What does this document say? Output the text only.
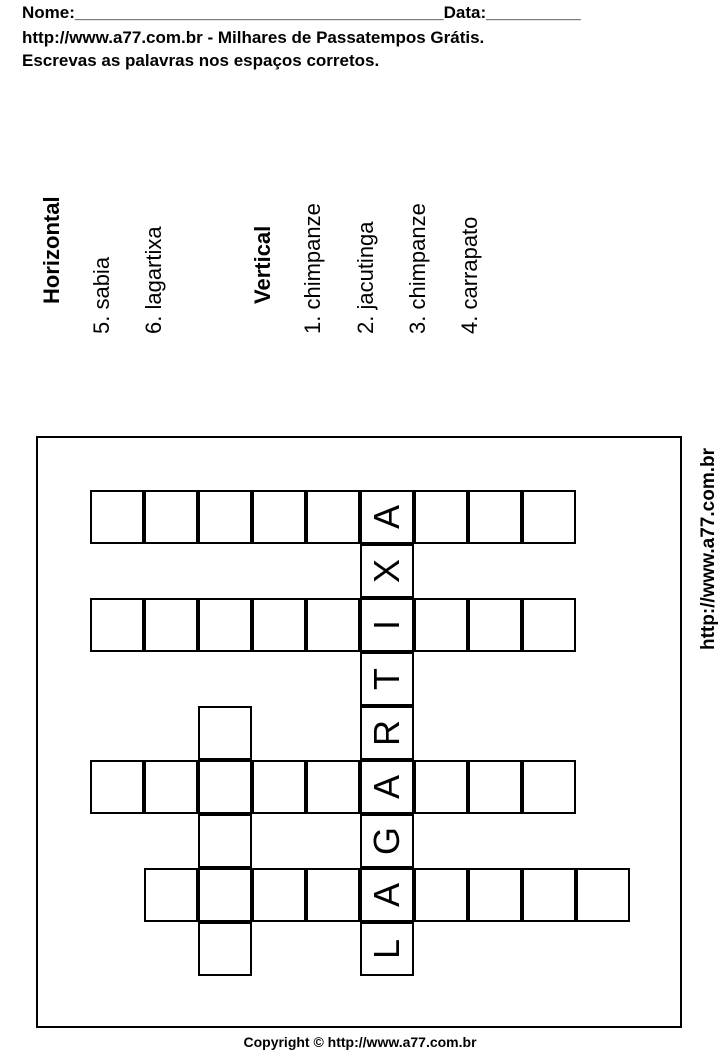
Nome:_______________________________________Data:__________
http://www.a77.com.br - Milhares de Passatempos Grátis.
Escrevas as palavras nos espaços corretos.
Horizontal 5. sabia 6. lagartixa	Vertical 1. chimpanze 2. jacutinga 3. chimpanze 4. carrapato
http://www.a77.com.br
A
X
I
T
R
A
G
A
L
Copyright © http://www.a77.com.br
